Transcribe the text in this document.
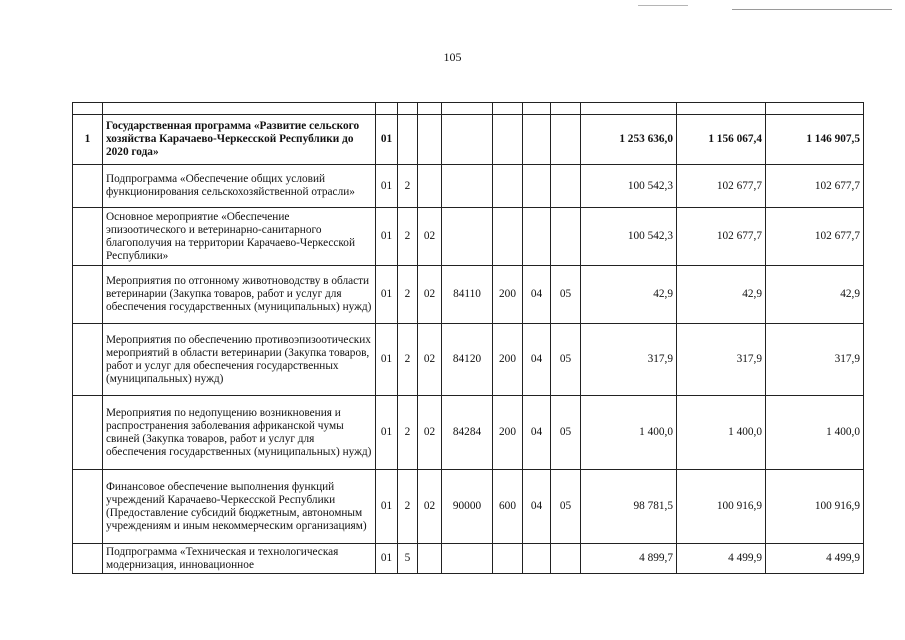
105

1	Государственная программа «Развитие сельского хозяйства Карачаево-Черкесской Республики до 2020 года»	01							1 253 636,0	1 156 067,4	1 146 907,5
	Подпрограмма «Обеспечение общих условий функционирования сельскохозяйственной отрасли»	01	2						100 542,3	102 677,7	102 677,7
	Основное мероприятие «Обеспечение эпизоотического и ветеринарно-санитарного благополучия на территории Карачаево-Черкесской Республики»	01	2	02					100 542,3	102 677,7	102 677,7
	Мероприятия по отгонному животноводству в области ветеринарии (Закупка товаров, работ и услуг для обеспечения государственных (муниципальных) нужд)	01	2	02	84110	200	04	05	42,9	42,9	42,9
	Мероприятия по обеспечению противоэпизоотических мероприятий в области ветеринарии (Закупка товаров, работ и услуг для обеспечения государственных (муниципальных) нужд)	01	2	02	84120	200	04	05	317,9	317,9	317,9
	Мероприятия по недопущению возникновения и распространения заболевания африканской чумы свиней (Закупка товаров, работ и услуг для обеспечения государственных (муниципальных) нужд)	01	2	02	84284	200	04	05	1 400,0	1 400,0	1 400,0
	Финансовое обеспечение выполнения функций учреждений Карачаево-Черкесской Республики (Предоставление субсидий бюджетным, автономным учреждениям и иным некоммерческим организациям)	01	2	02	90000	600	04	05	98 781,5	100 916,9	100 916,9
	Подпрограмма «Техническая и технологическая модернизация, инновационное	01	5						4 899,7	4 499,9	4 499,9
